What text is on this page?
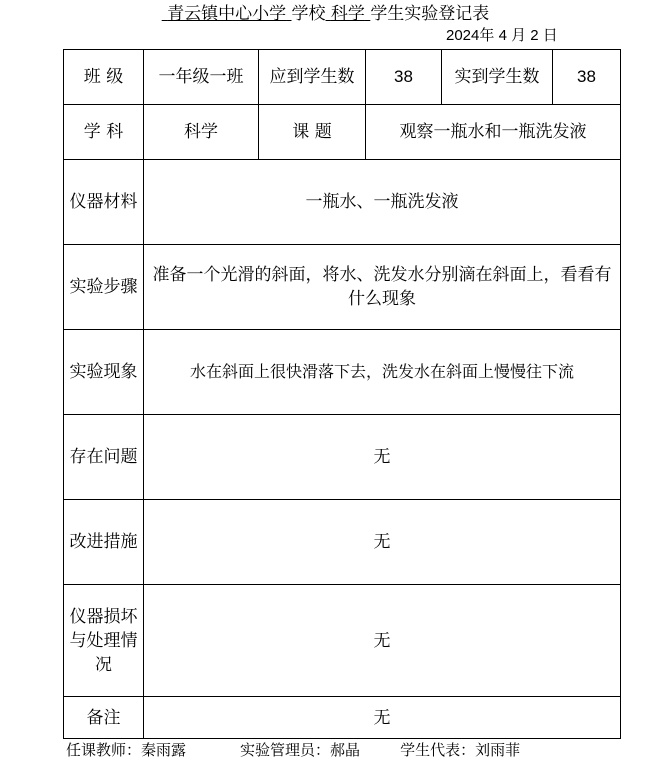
青云镇中心小学 学校 科学 学生实验登记表
2024年 4 月 2 日
班 级	一年级一班	应到学生数	38	实到学生数	38
学 科	科学	课 题	观察一瓶水和一瓶洗发液		
仪器材料	一瓶水、一瓶洗发液				
实验步骤	准备一个光滑的斜面，将水、洗发水分别滴在斜面上，看看有什么现象				
实验现象	水在斜面上很快滑落下去，洗发水在斜面上慢慢往下流				
存在问题	无				
改进措施	无				
仪器损坏与处理情况	无				
备注	无				
任课教师：秦雨露	实验管理员：郝晶	学生代表：刘雨菲
